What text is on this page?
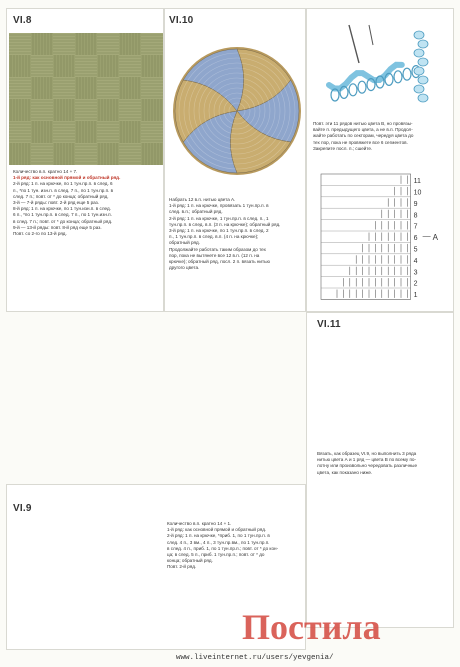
VI.8

Количество в.п. кратно 14 + 7.

1-й ряд: как основной прямой и обратный ряд.

2-й ряд: 1 п. на крючке, по 1 тун.пр.п. в след. 6

п., *по 1 тун. изн.п. в след. 7 п., по 1 тун.пр.п. в

след. 7 п.; повт. от * до конца; обратный ряд.

3-й — 7-й ряды: повт. 2-й ряд еще 5 раз.

8-й ряд: 1 п. на крючке, по 1 тун.изн.п. в след.

6 п., *по 1 тун.пр.п. в след. 7 п., по 1 тун.изн.п.

в след. 7 п.; повт. от * до конца; обратный ряд.

9-й — 13-й ряды: повт. 8-й ряд еще 5 раз.

Повт. со 2-го по 13-й ряд.

VI.10

Набрать 12 в.п. нитью цвета А.

1-й ряд: 1 п. на крючке, провязать 1 тун.пр.п. в

след. в.п.; обратный ряд.

2-й ряд: 1 п. на крючке, 1 тун.пр.п. в след. п., 1

тун.пр.п. в след. в.п. (3 п. на крючке); обратный ряд.

3-й ряд: 1 п. на крючке, по 1 тун.пр.п. в след. 2

п., 1 тун.пр.п. в след. в.п. (4 п. на крючке);

обратный ряд.

Продолжайте работать таким образом до тех

пор, пока не вытянете все 12 в.п. (12 п. на

крючке); обратный ряд, посл. 2 п. вязать нитью

другого цвета.

Повт. эти 11 рядов нитью цвета В, но провязы-

вайте п. предыдущего цвета, а не в.п. Продол-

жайте работать по секторам, чередуя цвета до

тех пор, пока не провяжете все 6 сегментов.

Закрепите посл. п.; сшейте.

11
10
9
8
7
6
5
4
3
2
1
A
VI.11

Вязать, как образец VI.9, но выполнить 3 ряда

нитью цвета А и 1 ряд — цвета В по всему по-

лотну или произвольно чередовать различные

цвета, как показано ниже.

VI.9

Количество в.п. кратно 14 + 1.

1-й ряд: как основной прямой и обратный ряд.

2-й ряд: 1 п. на крючке, *приб. 1, по 1 тун.пр.п. в

след. 4 п., 3 вм., 4 п., 3 тун.пр.вм., по 1 тун.пр.п.

в след. 4 п., приб. 1, по 1 тун.пр.п.; повт. от * до кон-

ца; в след. 5 п., приб. 1 тун.пр.п.; повт. от * до

конца; обратный ряд.

Повт. 2-й ряд.

Постила
www.liveinternet.ru/users/yevgenia/
